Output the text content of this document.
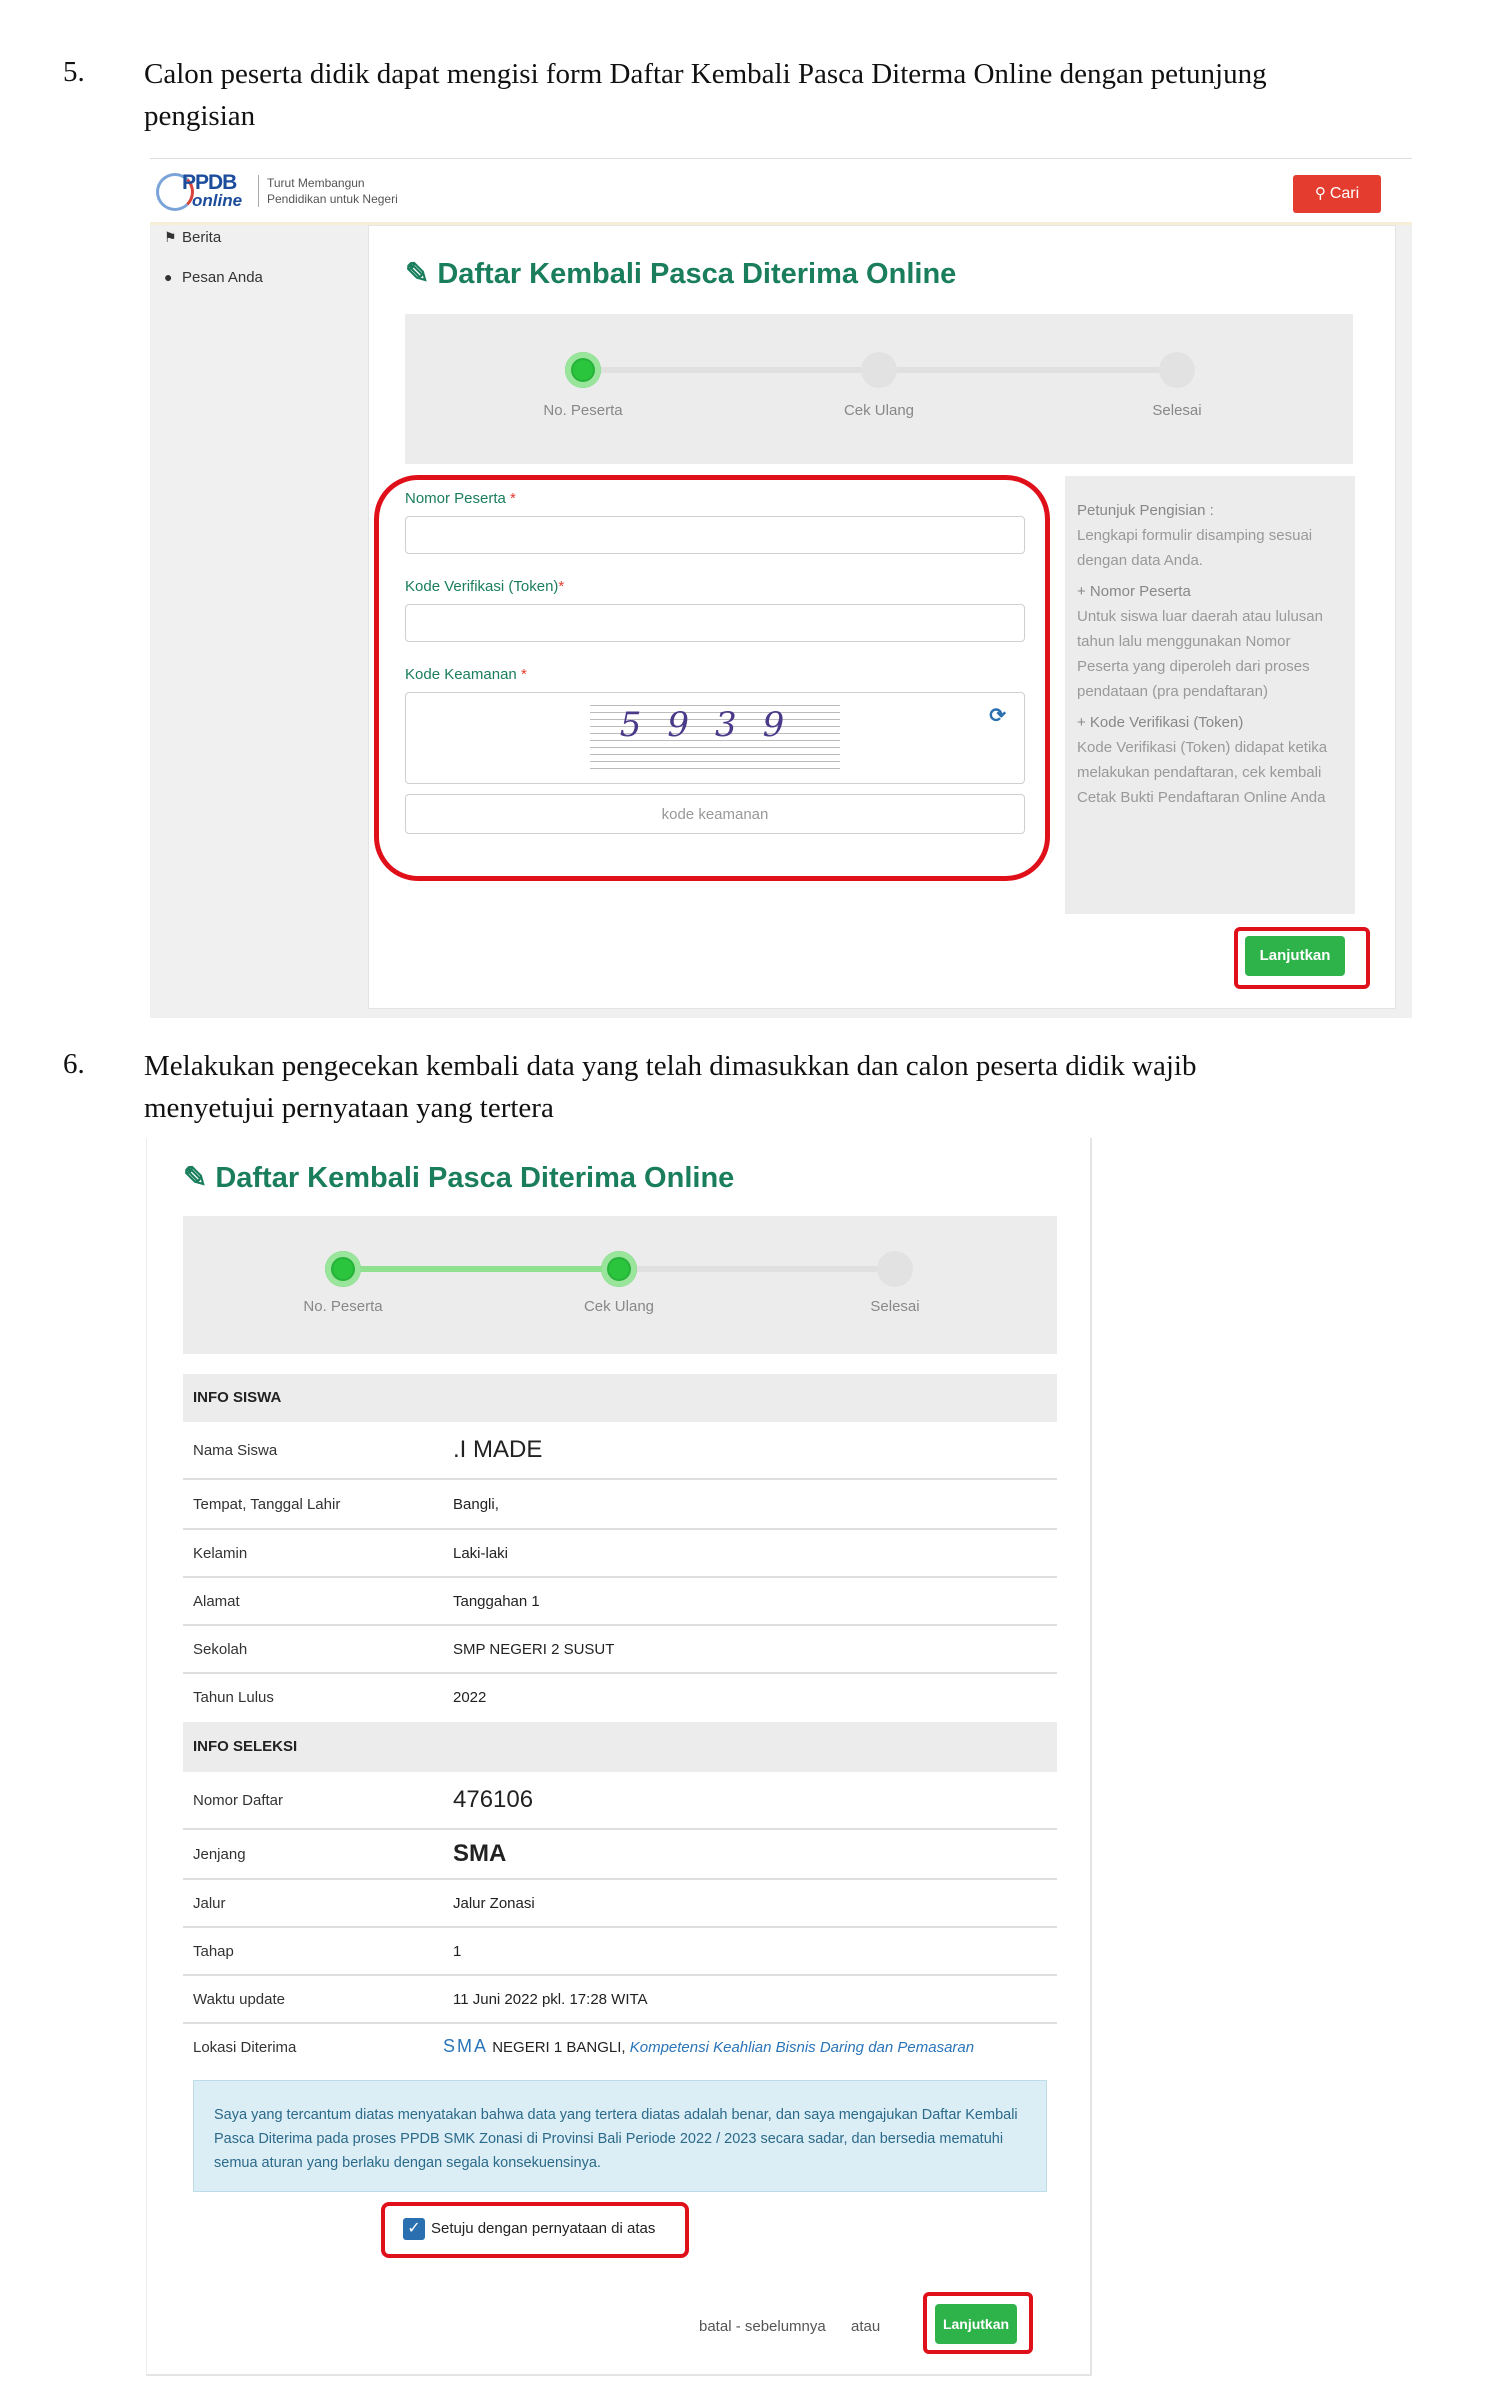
5. Calon peserta didik dapat mengisi form Daftar Kembali Pasca Diterma Online dengan petunjung
pengisian
PPDB
online
Turut Membangun
Pendidikan untuk Negeri	⚲ Cari
⚑ Berita
● Pesan Anda	✎ Daftar Kembali Pasca Diterima Online
No. Peserta	Cek Ulang	Selesai
Nomor Peserta *
Kode Verifikasi (Token)*
Kode Keamanan *
5939	⟳
kode keamanan
Petunjuk Pengisian :
Lengkapi formulir disamping sesuai dengan data Anda.
+ Nomor Peserta
Untuk siswa luar daerah atau lulusan tahun lalu menggunakan Nomor Peserta yang diperoleh dari proses pendataan (pra pendaftaran)
+ Kode Verifikasi (Token)
Kode Verifikasi (Token) didapat ketika melakukan pendaftaran, cek kembali Cetak Bukti Pendaftaran Online Anda
Lanjutkan
6. Melakukan pengecekan kembali data yang telah dimasukkan dan calon peserta didik wajib
menyetujui pernyataan yang tertera
✎ Daftar Kembali Pasca Diterima Online
No. Peserta	Cek Ulang	Selesai
INFO SISWA
Nama Siswa	.I MADE
Tempat, Tanggal Lahir	Bangli,
Kelamin	Laki-laki
Alamat	Tanggahan 1
Sekolah	SMP NEGERI 2 SUSUT
Tahun Lulus	2022
INFO SELEKSI
Nomor Daftar	476106
Jenjang	SMA
Jalur	Jalur Zonasi
Tahap	1
Waktu update	11 Juni 2022 pkl. 17:28 WITA
Lokasi Diterima	SMA NEGERI 1 BANGLI, Kompetensi Keahlian Bisnis Daring dan Pemasaran
Saya yang tercantum diatas menyatakan bahwa data yang tertera diatas adalah benar, dan saya mengajukan Daftar Kembali Pasca Diterima pada proses PPDB SMK Zonasi di Provinsi Bali Periode 2022 / 2023 secara sadar, dan bersedia mematuhi semua aturan yang berlaku dengan segala konsekuensinya.
✓ Setuju dengan pernyataan di atas
batal - sebelumnya atau	Lanjutkan
